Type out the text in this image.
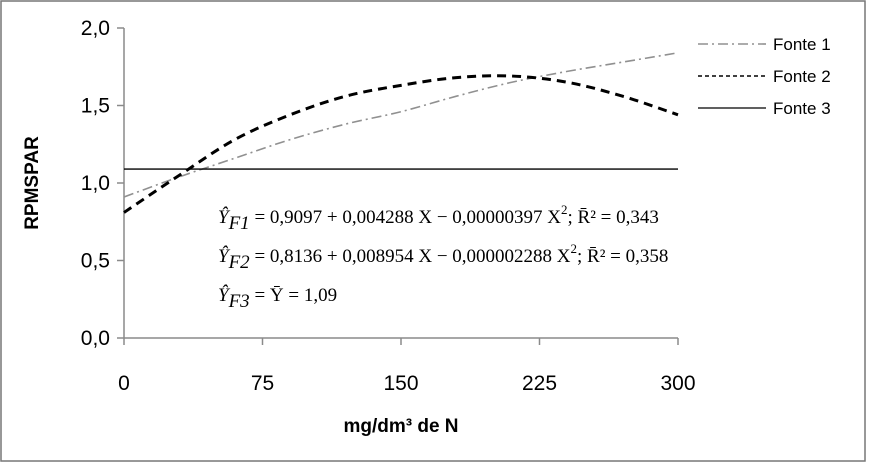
0,0
0,5
1,0
1,5
2,0
0	75	150	225	300
Fonte 1
Fonte 2
Fonte 3
ŶF1 = 0,9097 + 0,004288 X − 0,00000397 $X^2$; R̄² = 0,343
ŶF2 = 0,8136 + 0,008954 X − 0,000002288 $X^2$; R̄² = 0,358
ŶF3 = Ȳ = 1,09
mg/dm³ de N
RPMSPAR
